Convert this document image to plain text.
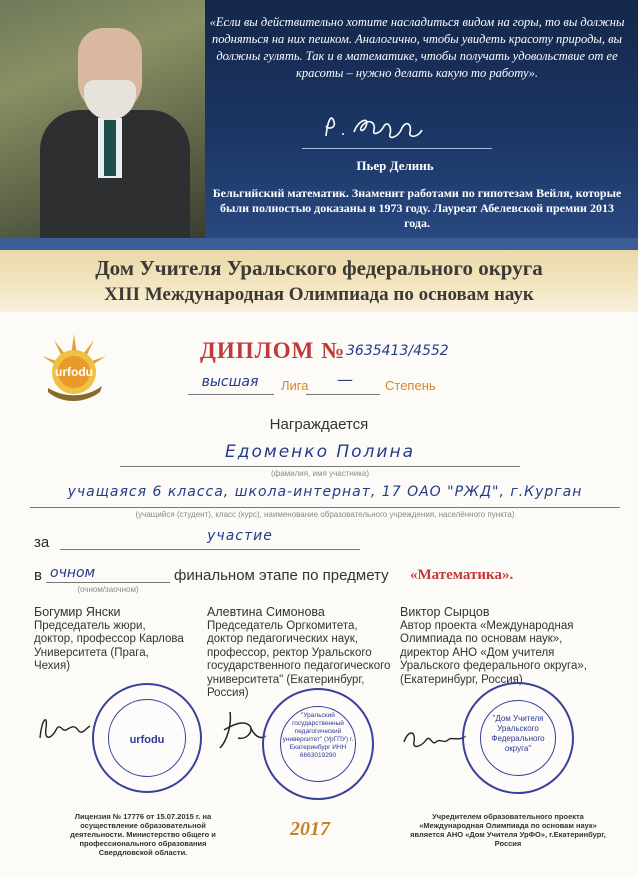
«Если вы действительно хотите насладиться видом на горы, то вы должны подняться на них пешком. Аналогично, чтобы увидеть красоту природы, вы должны гулять. Так и в математике, чтобы получать удовольствие от ее красоты – нужно делать какую то работу».
Пьер Делинь
Бельгийский математик. Знаменит работами по гипотезам Вейля, которые были полностью доказаны в 1973 году. Лауреат Абелевской премии 2013 года.
Дом Учителя Уральского федерального округа
XIII Международная Олимпиада по основам наук
urfodu
ДИПЛОМ № 3635413/4552
высшая	Лига	—	Степень
Награждается
Едоменко Полина
(фамилия, имя участника)
учащаяся 6 класса, школа-интернат, 17 ОАО "РЖД", г.Курган
(учащийся (студент), класс (курс), наименование образовательного учреждения, населённого пункта)
за	участие
в очном
(очном/заочном)
финальном этапе по предмету «Математика».
Богумир Янски
Председатель жюри, доктор, профессор Карлова Университета (Прага, Чехия)
Алевтина Симонова
Председатель Оргкомитета, доктор педагогических наук, профессор, ректор Уральского государственного педагогического университета" (Екатеринбург, Россия)
Виктор Сырцов
Автор проекта «Международная Олимпиада по основам наук», директор АНО «Дом учителя Уральского федерального округа», (Екатеринбург, Россия)
urfodu
"Уральский государственный педагогический университет" (УрГПУ) г. Екатеринбург ИНН 6663019290
"Дом Учителя Уральского Федерального округа"
Лицензия № 17776 от 15.07.2015 г. на осуществление образовательной деятельности. Министерство общего и профессионального образования Свердловской области.
2017
Учредителем образовательного проекта «Международная Олимпиада по основам наук» является АНО «Дом Учителя УрФО», г.Екатеринбург, Россия
